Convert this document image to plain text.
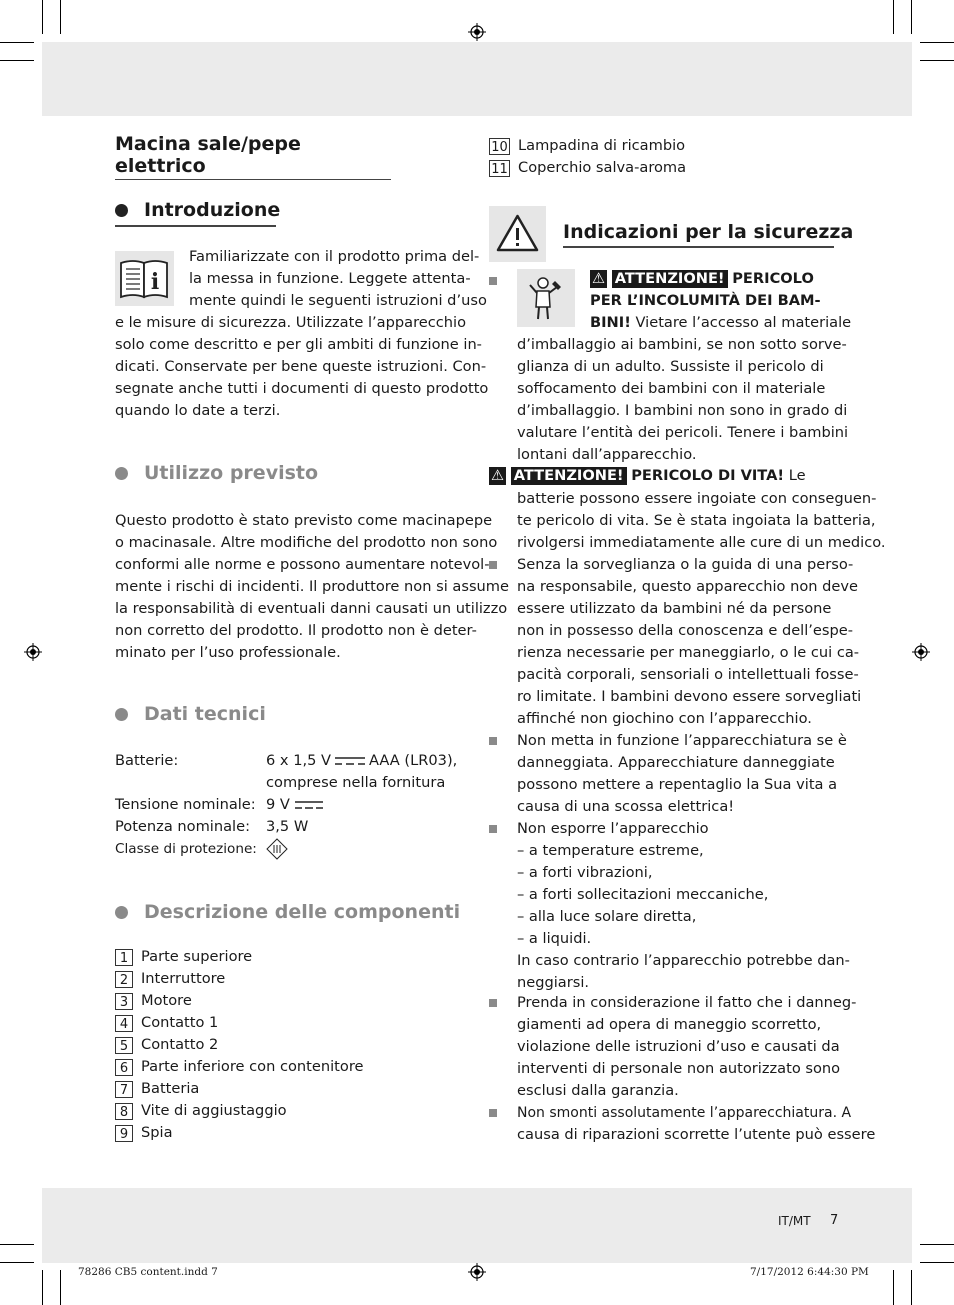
Macina sale/pepe elettrico
Introduzione
i
Familiarizzate con il prodotto prima del-
la messa in funzione. Leggete attenta-
mente quindi le seguenti istruzioni d’uso
e le misure di sicurezza. Utilizzate l’apparecchio
solo come descritto e per gli ambiti di funzione in-
dicati. Conservate per bene queste istruzioni. Con-
segnate anche tutti i documenti di questo prodotto
quando lo date a terzi.
Utilizzo previsto
Questo prodotto è stato previsto come macinapepe
o macinasale. Altre modifiche del prodotto non sono
conformi alle norme e possono aumentare notevol-
mente i rischi di incidenti. Il produttore non si assume
la responsabilità di eventuali danni causati un utilizzo
non corretto del prodotto. Il prodotto non è deter-
minato per l’uso professionale.
Dati tecnici
Batterie:	6 x 1,5 V	AAA (LR03),
comprese nella fornitura
Tensione nominale: 9 V
Potenza nominale: 3,5 W
Classe di protezione:
Descrizione delle componenti
1 Parte superiore
2 Interruttore
3 Motore
4 Contatto 1
5 Contatto 2
6 Parte inferiore con contenitore
7 Batteria
8 Vite di aggiustaggio
9 Spia
10 Lampadina di ricambio
11 Coperchio salva-aroma
Indicazioni per la sicurezza
⚠ ATTENZIONE! PERICOLO
PER L’INCOLUMITÀ DEI BAM-
BINI! Vietare l’accesso al materiale
d’imballaggio ai bambini, se non sotto sorve-
glianza di un adulto. Sussiste il pericolo di
soffocamento dei bambini con il materiale
d’imballaggio. I bambini non sono in grado di
valutare l’entità dei pericoli. Tenere i bambini
lontani dall’apparecchio.
⚠ ATTENZIONE! PERICOLO DI VITA! Le
batterie possono essere ingoiate con conseguen-
te pericolo di vita. Se è stata ingoiata la batteria,
rivolgersi immediatamente alle cure di un medico.
Senza la sorveglianza o la guida di una perso-
na responsabile, questo apparecchio non deve
essere utilizzato da bambini né da persone
non in possesso della conoscenza e dell’espe-
rienza necessarie per maneggiarlo, o le cui ca-
pacità corporali, sensoriali o intellettuali fosse-
ro limitate. I bambini devono essere sorvegliati
affinché non giochino con l’apparecchio.
Non metta in funzione l’apparecchiatura se è
danneggiata. Apparecchiature danneggiate
possono mettere a repentaglio la Sua vita a
causa di una scossa elettrica!
Non esporre l’apparecchio
– a temperature estreme,
– a forti vibrazioni,
– a forti sollecitazioni meccaniche,
– alla luce solare diretta,
– a liquidi.
In caso contrario l’apparecchio potrebbe dan-
neggiarsi.
Prenda in considerazione il fatto che i danneg-
giamenti ad opera di maneggio scorretto,
violazione delle istruzioni d’uso e causati da
interventi di personale non autorizzato sono
esclusi dalla garanzia.
Non smonti assolutamente l’apparecchiatura. A
causa di riparazioni scorrette l’utente può essere
IT/MT 7
78286 CB5 content.indd 7	7/17/2012 6:44:30 PM
